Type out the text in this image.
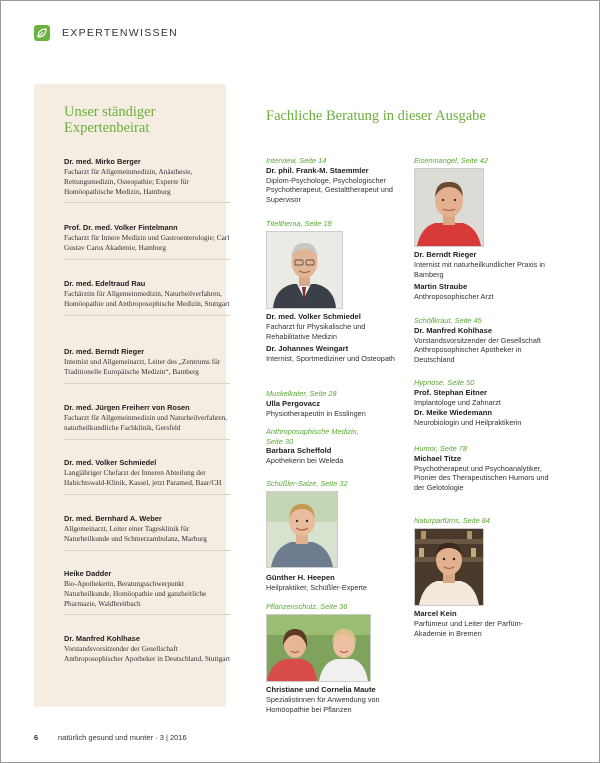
EXPERTENWISSEN
Unser ständiger Expertenbeirat
Dr. med. Mirko Berger
Facharzt für Allgemeinmedizin, Anästhesie, Rettungsmedizin, Osteopathie; Experte für Homöopathische Medizin, Hamburg
Prof. Dr. med. Volker Fintelmann
Facharzt für Innere Medizin und Gastroenterologie; Carl Gustav Carus Akademie, Hamburg
Dr. med. Edeltraud Rau
Fachärztin für Allgemeinmedizin, Naturheilverfahren, Homöopathie und Anthroposophische Medizin, Stuttgart
Dr. med. Berndt Rieger
Internist und Allgemeinarzt, Leiter des „Zentrums für Traditionelle Europäische Medizin“, Bamberg
Dr. med. Jürgen Freiherr von Rosen
Facharzt für Allgemeinmedizin und Naturheilverfahren, naturheilkundliche Fachklinik, Gersfeld
Dr. med. Volker Schmiedel
Langjähriger Chefarzt der Inneren Abteilung der Habichtswald-Klinik, Kassel, jetzt Paramed, Baar/CH
Dr. med. Bernhard A. Weber
Allgemeinarzt, Leiter einer Tagesklinik für Naturheilkunde und Schmerzambulanz, Marburg
Heike Dadder
Bio-Apothekerin, Beratungsschwerpunkt Naturheilkunde, Homöopathie und ganzheitliche Pharmazie, Waldbreitbach
Dr. Manfred Kohlhase
Vorstandsvorsitzender der Gesellschaft Anthroposophischer Apotheker in Deutschland, Stuttgart
Fachliche Beratung in dieser Ausgabe
Interview, Seite 14
Dr. phil. Frank-M. Staemmler
Diplom-Psychologe, Psychologischer Psychotherapeut, Gestalttherapeut und Supervisor
Titelthema, Seite 18
Dr. med. Volker Schmiedel
Facharzt für Physikalische und Rehabilitative Medizin
Dr. Johannes Weingart
Internist, Sportmediziner und Osteopath
Muskelkater, Seite 28
Ulla Pergovacz
Physiotherapeutin in Esslingen
Anthroposophische Medizin, Seite 30
Barbara Scheffold
Apothekerin bei Weleda
Schüßler-Salze, Seite 32
Günther H. Heepen
Heilpraktiker, Schüßler-Experte
Pflanzenschutz, Seite 36
Christiane und Cornelia Maute
Spezialistinnen für Anwendung von Homöopathie bei Pflanzen
Eisenmangel, Seite 42
Dr. Berndt Rieger
Internist mit naturheilkundlicher Praxis in Bamberg
Martin Straube
Anthroposophischer Arzt
Schöllkraut, Seite 45
Dr. Manfred Kohlhase
Vorstandsvorsitzender der Gesellschaft Anthroposophischer Apotheker in Deutschland
Hypnose, Seite 50
Prof. Stephan Eitner
Implantologe und Zahnarzt
Dr. Meike Wiedemann
Neurobiologin und Heilpraktikerin
Humor, Seite 78
Michael Titze
Psychotherapeut und Psychoanalytiker, Pionier des Therapeutischen Humors und der Gelotologie
Naturparfüms, Seite 84
Marcel Kein
Parfümeur und Leiter der Parfüm-Akademie in Bremen
6	natürlich gesund und munter · 3 | 2016
